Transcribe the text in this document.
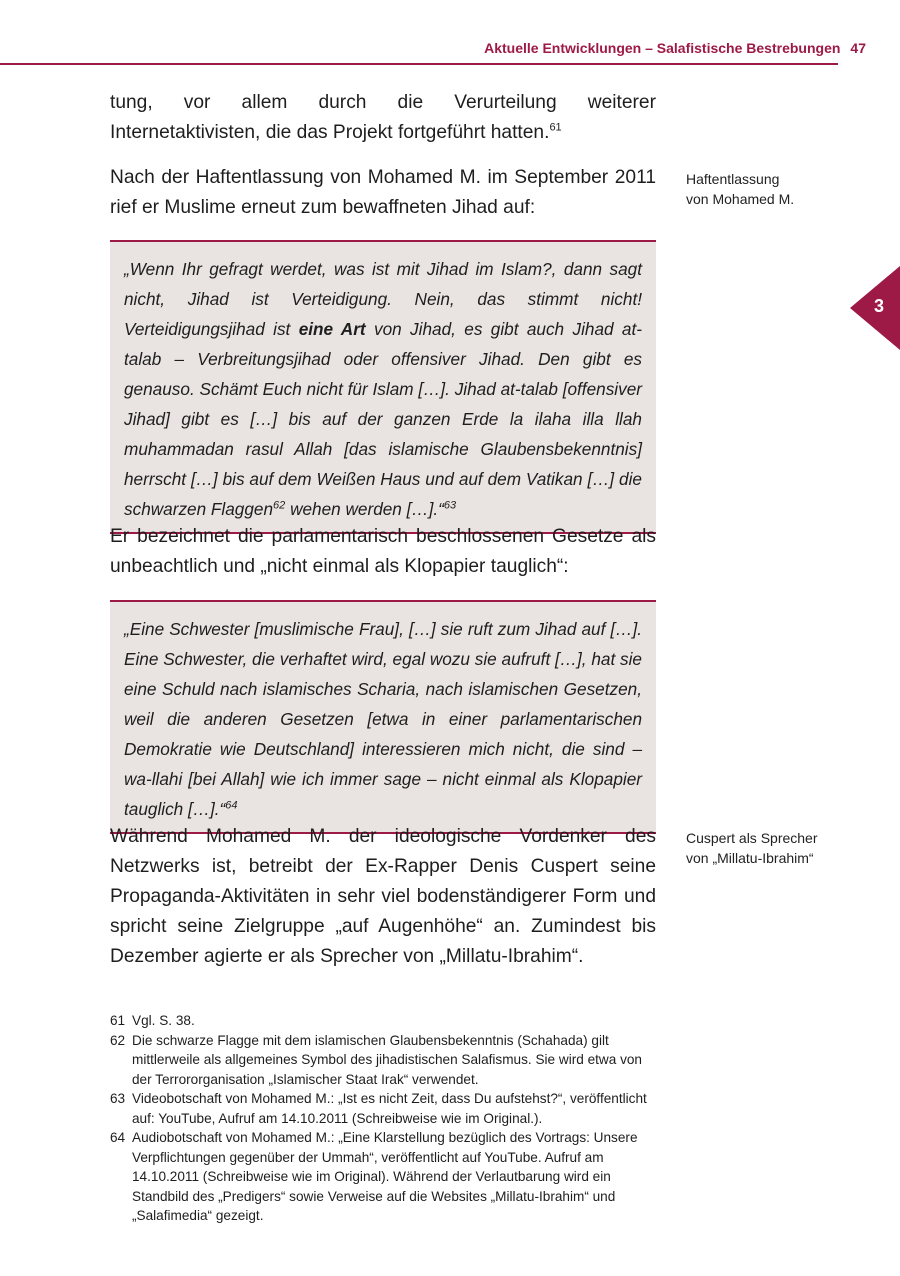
Aktuelle Entwicklungen – Salafistische Bestrebungen 47
3

tung, vor allem durch die Verurteilung weiterer Internetaktivisten, die das Projekt fortgeführt hatten.$^{61}$

Nach der Haftentlassung von Mohamed M. im September 2011 rief er Muslime erneut zum bewaffneten Jihad auf:

Haftentlassung
von Mohamed M.
„Wenn Ihr gefragt werdet, was ist mit Jihad im Islam?, dann sagt nicht, Jihad ist Verteidigung. Nein, das stimmt nicht! Verteidigungsjihad ist eine Art von Jihad, es gibt auch Jihad at-talab – Verbreitungsjihad oder offensiver Jihad. Den gibt es genauso. Schämt Euch nicht für Islam […]. Jihad at-talab [offensiver Jihad] gibt es […] bis auf der ganzen Erde la ilaha illa llah muhammadan rasul Allah [das islamische Glaubensbekenntnis] herrscht […] bis auf dem Weißen Haus und auf dem Vatikan […] die schwarzen Flaggen$^{62}$ wehen werden […].“$^{63}$

Er bezeichnet die parlamentarisch beschlossenen Gesetze als unbeachtlich und „nicht einmal als Klopapier tauglich“:

„Eine Schwester [muslimische Frau], […] sie ruft zum Jihad auf […]. Eine Schwester, die verhaftet wird, egal wozu sie aufruft […], hat sie eine Schuld nach islamisches Scharia, nach islamischen Gesetzen, weil die anderen Gesetzen [etwa in einer parlamentarischen Demokratie wie Deutschland] interessieren mich nicht, die sind – wa-llahi [bei Allah] wie ich immer sage – nicht einmal als Klopapier tauglich […].“$^{64}$

Während Mohamed M. der ideologische Vordenker des Netzwerks ist, betreibt der Ex-Rapper Denis Cuspert seine Propaganda-Aktivitäten in sehr viel bodenständigerer Form und spricht seine Zielgruppe „auf Augenhöhe“ an. Zumindest bis Dezember agierte er als Sprecher von „Millatu-Ibrahim“.

Cuspert als Sprecher
von „Millatu-Ibrahim“

61 Vgl. S. 38.

62 Die schwarze Flagge mit dem islamischen Glaubensbekenntnis (Schahada) gilt mittlerweile als allgemeines Symbol des jihadistischen Salafismus. Sie wird etwa von der Terrororganisation „Islamischer Staat Irak“ verwendet.

63 Videobotschaft von Mohamed M.: „Ist es nicht Zeit, dass Du aufstehst?“, veröffentlicht auf: YouTube, Aufruf am 14.10.2011 (Schreibweise wie im Original.).

64 Audiobotschaft von Mohamed M.: „Eine Klarstellung bezüglich des Vortrags: Unsere Verpflichtungen gegenüber der Ummah“, veröffentlicht auf YouTube. Aufruf am 14.10.2011 (Schreibweise wie im Original). Während der Verlautbarung wird ein Standbild des „Predigers“ sowie Verweise auf die Websites „Millatu-Ibrahim“ und „Salafimedia“ gezeigt.
